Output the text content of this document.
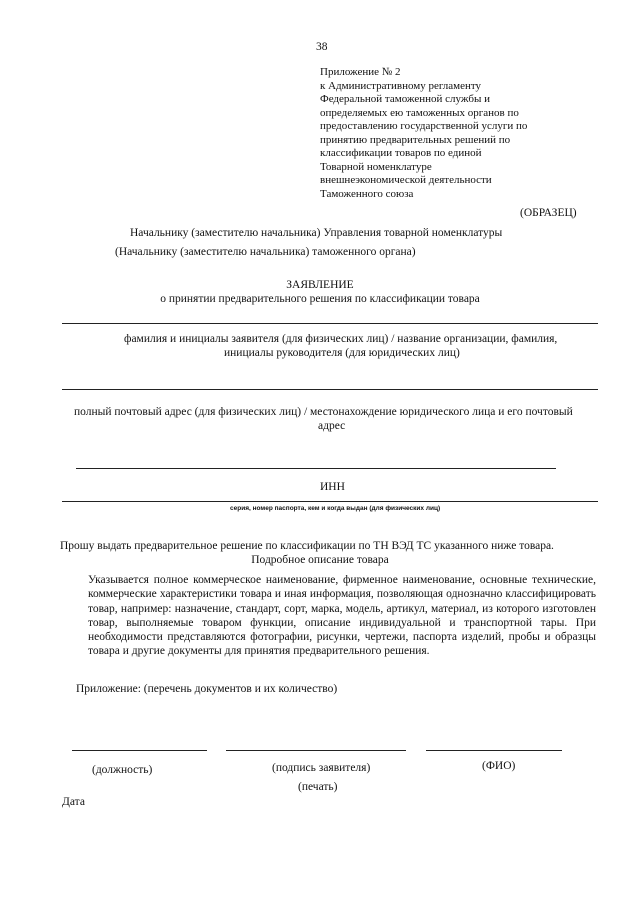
38
Приложение № 2
к Административному регламенту
Федеральной таможенной службы и
определяемых ею таможенных органов по
предоставлению государственной услуги по
принятию предварительных решений по
классификации товаров по единой
Товарной номенклатуре
внешнеэкономической деятельности
Таможенного союза
(ОБРАЗЕЦ)
Начальнику (заместителю начальника) Управления товарной номенклатуры
(Начальнику (заместителю начальника) таможенного органа)
ЗАЯВЛЕНИЕ
о принятии предварительного решения по классификации товара
фамилия и инициалы заявителя (для физических лиц) / название организации, фамилия,
инициалы руководителя (для юридических лиц)
полный почтовый адрес (для физических лиц) / местонахождение юридического лица и его почтовый
адрес
ИНН
серия, номер паспорта, кем и когда выдан (для физических лиц)
Прошу выдать предварительное решение по классификации по ТН ВЭД ТС указанного ниже товара.
Подробное описание товара
Указывается полное коммерческое наименование, фирменное наименование, основные технические, коммерческие характеристики товара и иная информация, позволяющая однозначно классифицировать товар, например: назначение, стандарт, сорт, марка, модель, артикул, материал, из которого изготовлен товар, выполняемые товаром функции, описание индивидуальной и транспортной тары. При необходимости представляются фотографии, рисунки, чертежи, паспорта изделий, пробы и образцы товара и другие документы для принятия предварительного решения.
Приложение: (перечень документов и их количество)
(должность)	(подпись заявителя)	(ФИО)
(печать)
Дата
